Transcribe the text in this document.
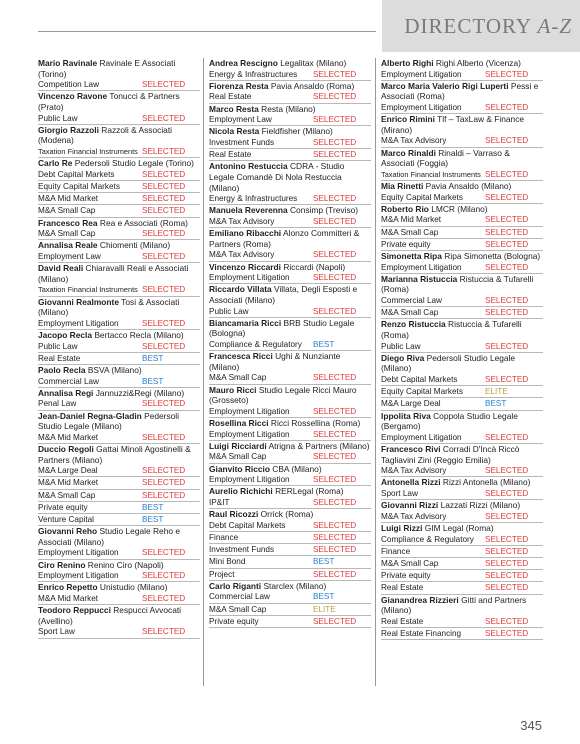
DIRECTORY A-Z
Mario Ravinale Ravinale E Associati (Torino)
Competition Law	SELECTED
Vincenzo Ravone Tonucci & Partners (Prato)
Public Law	SELECTED
Giorgio Razzoli Razzoli & Associati (Modena)
Taxation Financial Instruments SELECTED
Carlo Re Pedersoli Studio Legale (Torino)
Debt Capital Markets	SELECTED
Equity Capital Markets	SELECTED
M&A Mid Market	SELECTED
M&A Small Cap	SELECTED
Francesco Rea Rea e Associati (Roma)
M&A Small Cap	SELECTED
Annalisa Reale Chiomenti (Milano)
Employment Law	SELECTED
David Reali Chiaravalli Reali e Associati (Milano)
Taxation Financial Instruments SELECTED
Giovanni Realmonte Tosi & Associati (Milano)
Employment Litigation	SELECTED
Jacopo Recla Bertacco Recla (Milano)
Public Law	SELECTED
Real Estate	BEST
Paolo Recla BSVA (Milano)
Commercial Law	BEST
Annalisa Regi Jannuzzi&Regi (Milano)
Penal Law	SELECTED
Jean-Daniel Regna-Gladin Pedersoli Studio Legale (Milano)
M&A Mid Market	SELECTED
Duccio Regoli Gattai Minoli Agostinelli & Partners (Milano)
M&A Large Deal	SELECTED
M&A Mid Market	SELECTED
M&A Small Cap	SELECTED
Private equity	BEST
Venture Capital	BEST
Giovanni Reho Studio Legale Reho e Associati (Milano)
Employment Litigation	SELECTED
Ciro Renino Renino Ciro (Napoli)
Employment Litigation	SELECTED
Enrico Repetto Unistudio (Milano)
M&A Mid Market	SELECTED
Teodoro Reppucci Respucci Avvocati (Avellino)
Sport Law	SELECTED
Andrea Rescigno Legalitax (Milano)
Energy & Infrastructures SELECTED
Fiorenza Resta Pavia Ansaldo (Roma)
Real Estate	SELECTED
Marco Resta Resta (Milano)
Employment Law	SELECTED
Nicola Resta Fieldfisher (Milano)
Investment Funds	SELECTED
Real Estate	SELECTED
Antonino Restuccia CDRA - Studio Legale Comandè Di Nola Restuccia (Milano)
Energy & Infrastructures SELECTED
Manuela Reverenna Consimp (Treviso)
M&A Tax Advisory	SELECTED
Emiliano Ribacchi Alonzo Committeri & Partners (Roma)
M&A Tax Advisory	SELECTED
Vincenzo Riccardi Riccardi (Napoli)
Employment Litigation	SELECTED
Riccardo Villata Villata, Degli Esposti e Associati (Milano)
Public Law	SELECTED
Biancamaria Ricci BRB Studio Legale (Bologna)
Compliance & Regulatory BEST
Francesca Ricci Ughi & Nunziante (Milano)
M&A Small Cap	SELECTED
Mauro Ricci Studio Legale Ricci Mauro (Grosseto)
Employment Litigation	SELECTED
Rosellina Ricci Ricci Rossellina (Roma)
Employment Litigation	SELECTED
Luigi Ricciardi Atrigna & Partners (Milano)
M&A Small Cap	SELECTED
Gianvito Riccio CBA (Milano)
Employment Litigation	SELECTED
Aurelio Richichi RERLegal (Roma)
IP&IT	SELECTED
Raul Ricozzi Orrick (Roma)
Debt Capital Markets	SELECTED
Finance	SELECTED
Investment Funds	SELECTED
Mini Bond	BEST
Project	SELECTED
Carlo Riganti Starclex (Milano)
Commercial Law	BEST
M&A Small Cap	ELITE
Private equity	SELECTED
Alberto Righi Righi Alberto (Vicenza)
Employment Litigation	SELECTED
Marco Maria Valerio Rigi Luperti Pessi e Associati (Roma)
Employment Litigation	SELECTED
Enrico Rimini Tlf – TaxLaw & Finance (Mirano)
M&A Tax Advisory	SELECTED
Marco Rinaldi Rinaldi – Varraso & Associati (Foggia)
Taxation Financial Instruments SELECTED
Mia Rinetti Pavia Ansaldo (Milano)
Equity Capital Markets	SELECTED
Roberto Rio LMCR (Milano)
M&A Mid Market	SELECTED
M&A Small Cap	SELECTED
Private equity	SELECTED
Simonetta Ripa Ripa Simonetta (Bologna)
Employment Litigation	SELECTED
Marianna Ristuccia Ristuccia & Tufarelli (Roma)
Commercial Law	SELECTED
M&A Small Cap	SELECTED
Renzo Ristuccia Ristuccia & Tufarelli (Roma)
Public Law	SELECTED
Diego Riva Pedersoli Studio Legale (Milano)
Debt Capital Markets	SELECTED
Equity Capital Markets	ELITE
M&A Large Deal	BEST
Ippolita Riva Coppola Studio Legale (Bergamo)
Employment Litigation	SELECTED
Francesco Rivi Corradi D'Incà Riccò Tagliavini Zini (Reggio Emilia)
M&A Tax Advisory	SELECTED
Antonella Rizzi Rizzi Antonella (Milano)
Sport Law	SELECTED
Giovanni Rizzi Lazzati Rizzi (Milano)
M&A Tax Advisory	SELECTED
Luigi Rizzi GIM Legal (Roma)
Compliance & Regulatory SELECTED
Finance	SELECTED
M&A Small Cap	SELECTED
Private equity	SELECTED
Real Estate	SELECTED
Gianandrea Rizzieri Gitti and Partners (Milano)
Real Estate	SELECTED
Real Estate Financing	SELECTED
345
